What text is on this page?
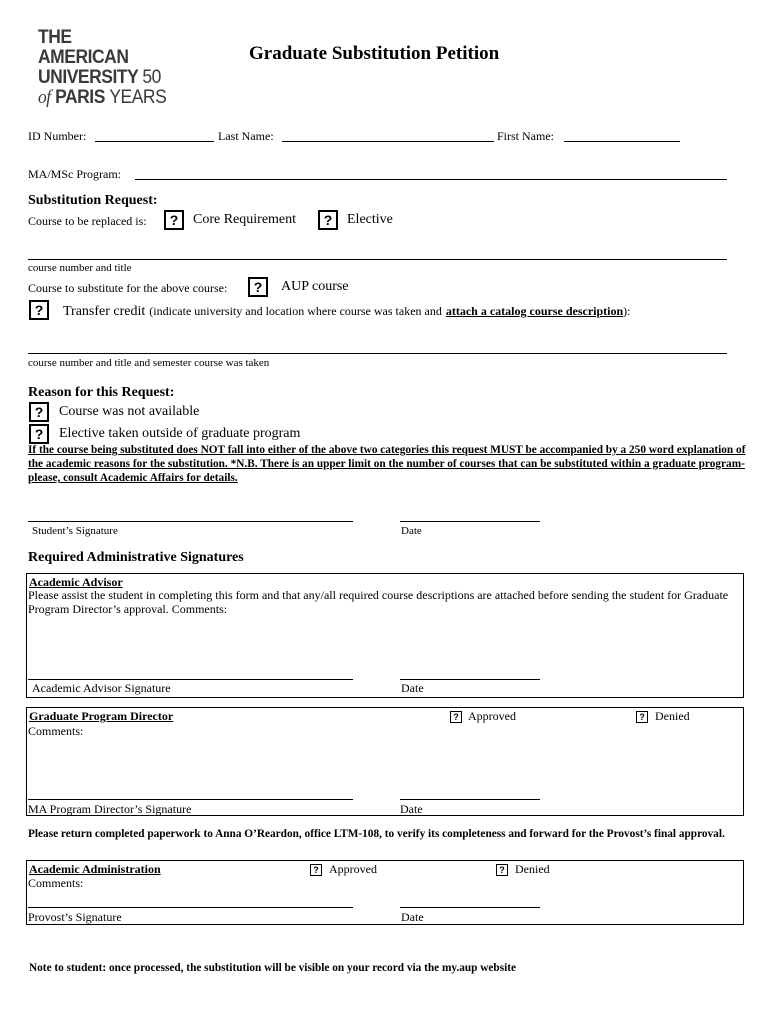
THE AMERICAN
UNIVERSITY 50
of PARIS YEARS
Graduate Substitution Petition
ID Number:	Last Name:	First Name:
MA/MSc Program:
Substitution Request:
Course to be replaced is:	?	Core Requirement	?	Elective
course number and title
Course to substitute for the above course:	?	AUP course
?	Transfer credit (indicate university and location where course was taken and attach a catalog course description):
course number and title and semester course was taken
Reason for this Request:
?	Course was not available
?	Elective taken outside of graduate program
If the course being substituted does NOT fall into either of the above two categories this request MUST be accompanied by a 250 word explanation of the academic reasons for the substitution. *N.B. There is an upper limit on the number of courses that can be substituted within a graduate program- please, consult Academic Affairs for details.
Student’s Signature	Date
Required Administrative Signatures
Academic Advisor
Please assist the student in completing this form and that any/all required course descriptions are attached before sending the student for Graduate Program Director’s approval. Comments:
Academic Advisor Signature	Date
Graduate Program Director
Comments:
? Approved	? Denied
MA Program Director’s Signature	Date
Please return completed paperwork to Anna O’Reardon, office LTM-108, to verify its completeness and forward for the Provost’s final approval.
Academic Administration
Comments:
? Approved	? Denied
Provost’s Signature	Date
Note to student: once processed, the substitution will be visible on your record via the my.aup website
